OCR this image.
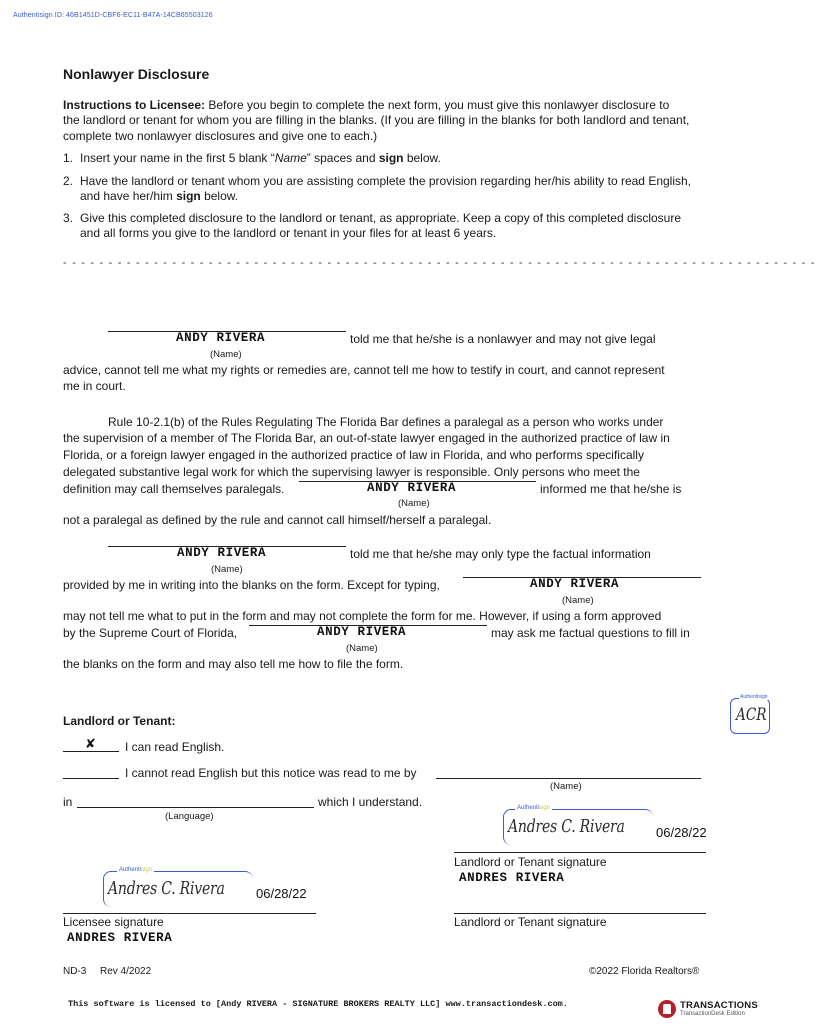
Authentisign ID: 46B1451D-CBF6-EC11-B47A-14CB65503126
Nonlawyer Disclosure
Instructions to Licensee: Before you begin to complete the next form, you must give this nonlawyer disclosure to
the landlord or tenant for whom you are filling in the blanks. (If you are filling in the blanks for both landlord and tenant,
complete two nonlawyer disclosures and give one to each.)
1. Insert your name in the first 5 blank “Name” spaces and sign below.
2. Have the landlord or tenant whom you are assisting complete the provision regarding her/his ability to read English,
and have her/him sign below.
3. Give this completed disclosure to the landlord or tenant, as appropriate. Keep a copy of this completed disclosure
and all forms you give to the landlord or tenant in your files for at least 6 years.
- - - - - - - - - - - - - - - - - - - - - - - - - - - - - - - - - - - - - - - - - - - - - - - - - - - - - - - - - - - - - - - - - - - - - - - - - - - - - - - - - - -
ANDY RIVERA	told me that he/she is a nonlawyer and may not give legal
(Name)
advice, cannot tell me what my rights or remedies are, cannot tell me how to testify in court, and cannot represent
me in court.
Rule 10-2.1(b) of the Rules Regulating The Florida Bar defines a paralegal as a person who works under
the supervision of a member of The Florida Bar, an out-of-state lawyer engaged in the authorized practice of law in
Florida, or a foreign lawyer engaged in the authorized practice of law in Florida, and who performs specifically
delegated substantive legal work for which the supervising lawyer is responsible. Only persons who meet the
definition may call themselves paralegals.	ANDY RIVERA	informed me that he/she is
(Name)
not a paralegal as defined by the rule and cannot call himself/herself a paralegal.
ANDY RIVERA	told me that he/she may only type the factual information
(Name)
provided by me in writing into the blanks on the form. Except for typing,	ANDY RIVERA
(Name)
may not tell me what to put in the form and may not complete the form for me. However, if using a form approved
by the Supreme Court of Florida,	ANDY RIVERA	may ask me factual questions to fill in
(Name)
the blanks on the form and may also tell me how to file the form.
Landlord or Tenant:
Authentisign
ACR
✘ I can read English.
I cannot read English but this notice was read to me by
(Name)
in	which I understand.
(Language)
Authentisign
Andres C. Rivera 06/28/22
Landlord or Tenant signature
ANDRES RIVERA
Authentisign
Andres C. Rivera 06/28/22
Licensee signature
ANDRES RIVERA
Landlord or Tenant signature
ND-3 Rev 4/2022	©2022 Florida Realtors®
This software is licensed to [Andy RIVERA - SIGNATURE BROKERS REALTY LLC] www.transactiondesk.com.	TRANSACTIONS
TransactionDesk Edition
